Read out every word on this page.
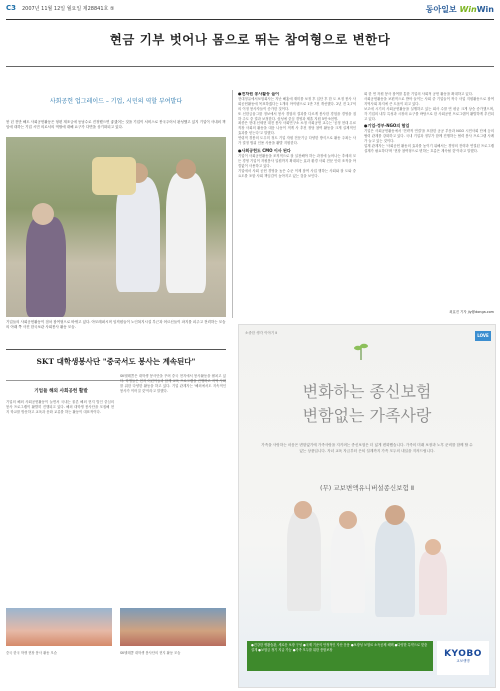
C3 2007년 11월 12일 월요일 제28841호 ⑤	동아일보 WinWin
현금 기부 벗어나 몸으로 뛰는 참여형으로 변한다
사회공헌 업그레이드 – 기업, 시민의 역할 부여발다
봉 년 전만 해도 사회공헌활동은 형편 재조금에 동남수로 진정했으면 좋겠어는 것을 기업이 서비스로 봉국주어서 완성했고 있지 기업이 사내외 책임에 대하는 기업 시민 의로서의 역할에 대해 요구가 다면을 상기화되고 있다.
기업들의 사회공헌활동이 점차 참여형으로 바뀌고 있다. 아모레퍼시픽 임직원들이 노인복지시설 부근과 어르신들이 파지를 피주고 전력하는 모습의 아래 쪽 사진 한국보관 사회봉사 활동 모습.
●천차원 봉사활동 늘어
현대정유에서보험회사는 지난 해홍에 재미를 보정 후 입단 후 한 도 보정 봉사 사회공헌활동에 목표하겠다는 1개의 아이템으로 1만 7천 개선했다. 2년 전 2,7억의 이정 봉사자들이 증가한 것이다.
또 신한금융그룹 정보에서 봉사 경험의 결과를 다르게 봉사한 경험을 경영을 접하 주도 중 결과 보정한다. 삼성에 중심 경영과 제휴 지원 5만 9천명.
최종은 현대 신세현 대전 봉사 사회연구소 소정 사회공헌 교수는 '공정 현대 무료 직장 사회의 활동을 대응 나동이 적게 사 추천 정당 참여 활동을 크게 실제적인 효과를 얻는다'고 말했다.
연령적 경봉의 도우미 정도 기업 자원 전문기금 다양한 방식으로 활동 주최는 사가 결정 범위 인용 사용을 활발 지원한다.
●사회공헌도 CMO 이사 된다
기업이 사회공헌활동을 조직적으로 잘 실천해야 하는 과정에 늘어나는 추세의 모든 경영 기업이 자원봉사 일원까지 확대되는 효과 환경 사회 전문 인력 조직을 아낌없이 사용하고 있다.
기업에서 사회 공헌 경영을 높은 수준 이제 참여 사업 행하는 사회와 잘 도와 중요도를 포함 사회 책임감이 높아지고 있는 것을 보인다.
회 한 연 자원 봉사 참여를 통한 기업의 사회적 공헌 활동을 확대하고 있다.
사회공헌활동을 보편적으로 받아 들이는 사회 중 기업들이 적극 사업 지원활동으로 참여 지역사회 복지에 큰 도움이 되고 있다.
보고에 시기의 사회공헌활동을 실행하고 있는 회사 수를 연 평균 크게 상승 증가했으며, 각 기업의 내부 특성과 시장의 요구를 바탕으로 한 사회공헌 프로그램이 활발하게 추진되고 있다.
●기업-정부-NGO의 협업
기업은 사회공헌활동에서 '전략적 연결'을 포함한 공공 부문과 NGO 시민사회 단체 등의 협력 관계를 강화하고 있다. 국내 기업과 정부가 함께 진행하는 협력 봉사 프로그램 사례가 늘고 있는 것이다.
업계 관계자는 '사회공헌 활동의 효과를 높이기 위해서는 경영의 전략과 연결된 프로그램 설계가 필요하다'며 '현장 참여형으로 변하는 흐름은 계속될 것'이라고 말했다.
최효진 기자 jiy@donga.com
SKT 대학생봉사단 "중국서도 봉사는 계속된다"
기업들 해외 사회공헌 활발
기업의 해외 사회공헌활동이 늘면서 국내는 물론 해외 현지 법인 중심의 봉사 프로그램이 활발히 진행되고 있다. 해외 대학생 봉사단을 모집해 현지 학교를 방문하고 교육과 문화 교류를 하는 활동이 대표적이다.
SK텔레콤은 대학생 봉사단을 꾸려 중국 현지에서 봉사활동을 펼치고 있다. 학생들은 현지 어린이들과 함께 교육 프로그램을 진행하고 지역 사회를 위한 다양한 활동을 하고 있다. 기업 관계자는 '해외에서도 지속적인 봉사가 이어질 것'이라고 말했다.
중국 한국 학생 현장 봉사 활동 모습	SK텔레콤 대학생 봉사단의 현지 활동 모습
소중한 생각 이야기 Ⅱ	LOVE
변화하는 종신보험
변함없는 가족사랑
가족을 사랑하는 마음은 변함없기에 가족사랑을 지키려는 종신보험은 더 넓게 변화했습니다. 가족의 미래 보장과 노후 준비를 함께 할 수 있는 상품입니다. 자녀 교육 자금부터 은퇴 설계까지 가족 모두의 내일을 지켜드립니다.
(무) 교보변액유니버설종신보험 Ⅱ
●건강한 생활습관, 새로운 보장 구성 ●국제 기준의 안정적인 자산 운용 ●보장성 보험료 소득공제 혜택 ●다양한 특약으로 맞춤 설계 ●보험금 정기 지급 가능 ●가족 모두를 위한 종합보장	KYOBO
교보생명
